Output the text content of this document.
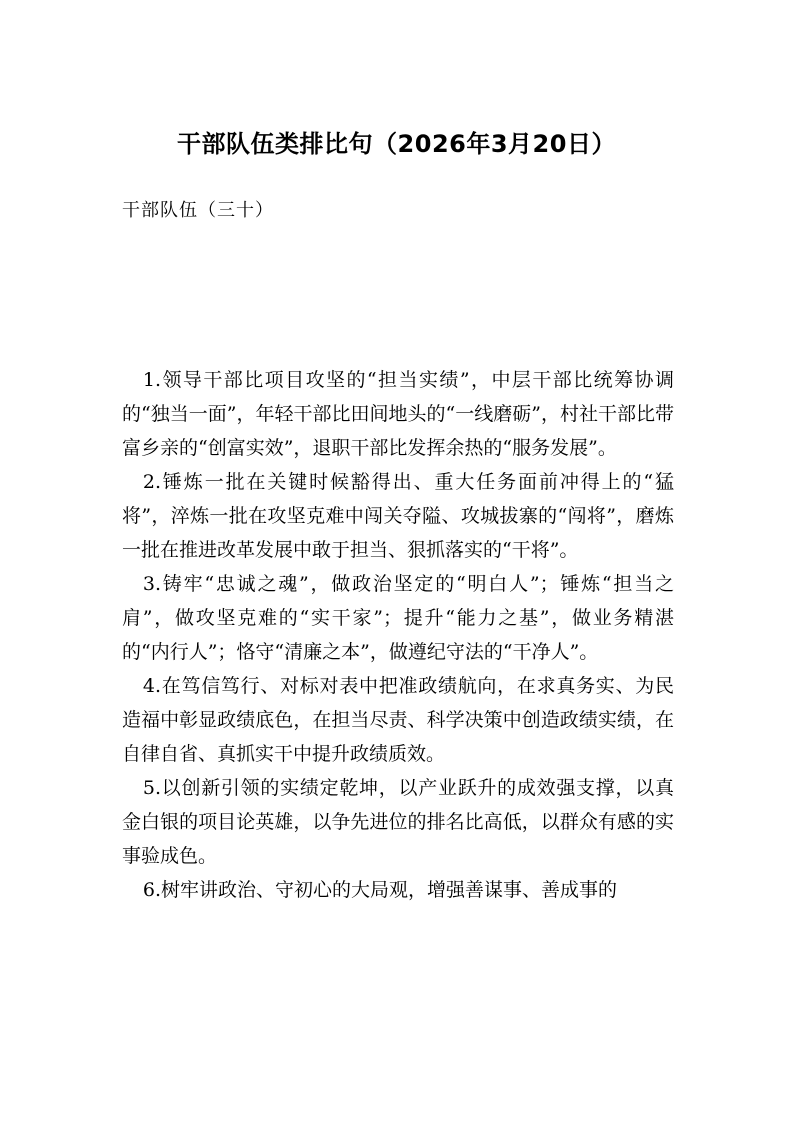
干部队伍类排比句（2026年3月20日）

干部队伍（三十）

1.领导干部比项目攻坚的“担当实绩”，中层干部比统筹协调的“独当一面”，年轻干部比田间地头的“一线磨砺”，村社干部比带富乡亲的“创富实效”，退职干部比发挥余热的“服务发展”。

2.锤炼一批在关键时候豁得出、重大任务面前冲得上的“猛将”，淬炼一批在攻坚克难中闯关夺隘、攻城拔寨的“闯将”，磨炼一批在推进改革发展中敢于担当、狠抓落实的“干将”。

3.铸牢“忠诚之魂”，做政治坚定的“明白人”；锤炼“担当之肩”，做攻坚克难的“实干家”；提升“能力之基”，做业务精湛的“内行人”；恪守“清廉之本”，做遵纪守法的“干净人”。

4.在笃信笃行、对标对表中把准政绩航向，在求真务实、为民造福中彰显政绩底色，在担当尽责、科学决策中创造政绩实绩，在自律自省、真抓实干中提升政绩质效。

5.以创新引领的实绩定乾坤，以产业跃升的成效强支撑，以真金白银的项目论英雄，以争先进位的排名比高低，以群众有感的实事验成色。

6.树牢讲政治、守初心的大局观，增强善谋事、善成事的
